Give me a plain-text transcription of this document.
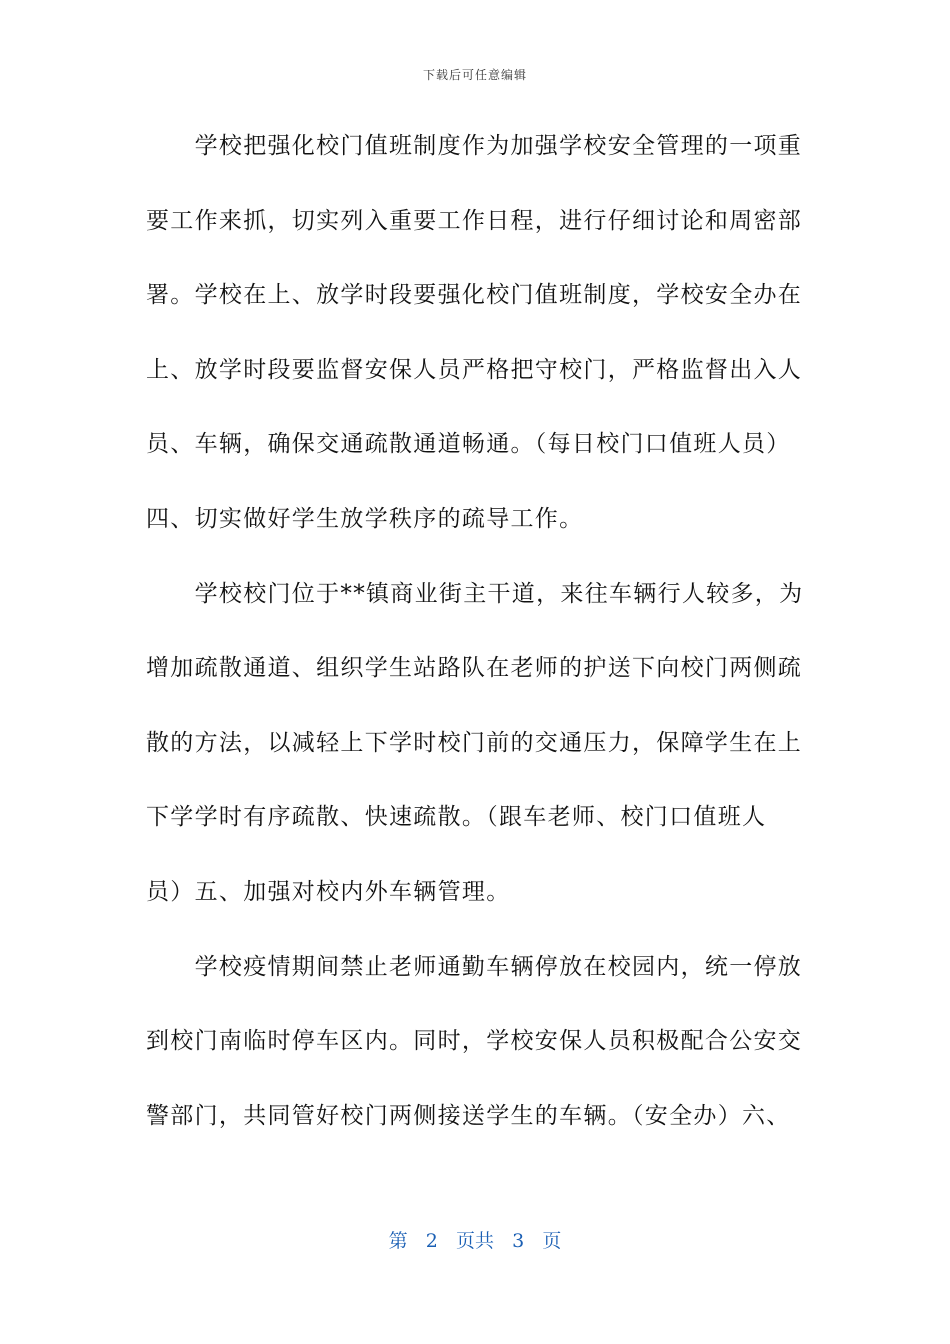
下载后可任意编辑
　　学校把强化校门值班制度作为加强学校安全管理的一项重
要工作来抓，切实列入重要工作日程，进行仔细讨论和周密部
署。学校在上、放学时段要强化校门值班制度，学校安全办在
上、放学时段要监督安保人员严格把守校门，严格监督出入人
员、车辆，确保交通疏散通道畅通。（每日校门口值班人员）
四、切实做好学生放学秩序的疏导工作。
　　学校校门位于**镇商业街主干道，来往车辆行人较多，为
增加疏散通道、组织学生站路队在老师的护送下向校门两侧疏
散的方法，以减轻上下学时校门前的交通压力，保障学生在上
下学学时有序疏散、快速疏散。（跟车老师、校门口值班人
员）五、加强对校内外车辆管理。
　　学校疫情期间禁止老师通勤车辆停放在校园内，统一停放
到校门南临时停车区内。同时，学校安保人员积极配合公安交
警部门，共同管好校门两侧接送学生的车辆。（安全办）六、
第 2 页共 3 页
